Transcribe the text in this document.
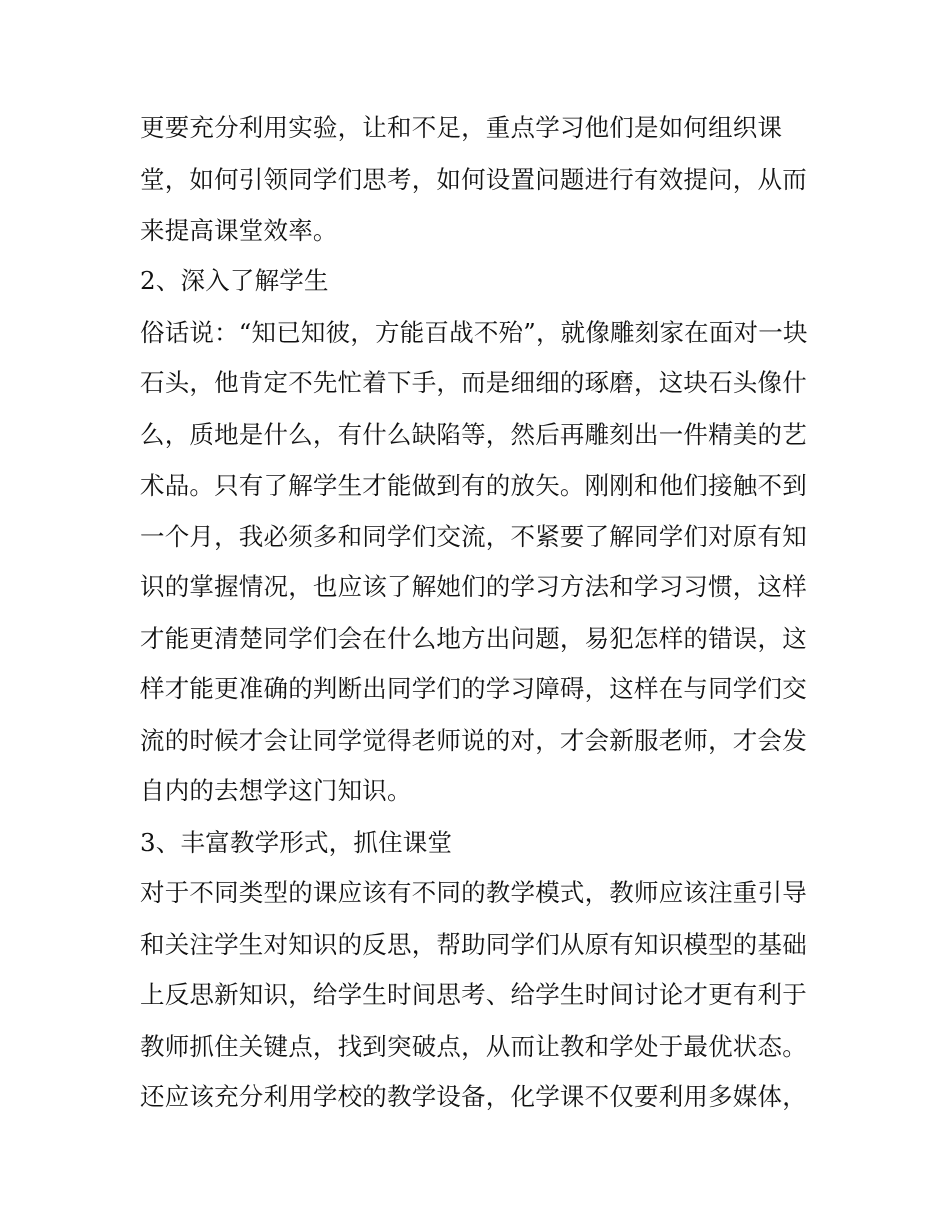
更要充分利用实验，让和不足，重点学习他们是如何组织课
堂，如何引领同学们思考，如何设置问题进行有效提问，从而
来提高课堂效率。
2、深入了解学生
俗话说：“知已知彼，方能百战不殆”，就像雕刻家在面对一块
石头，他肯定不先忙着下手，而是细细的琢磨，这块石头像什
么，质地是什么，有什么缺陷等，然后再雕刻出一件精美的艺
术品。只有了解学生才能做到有的放矢。刚刚和他们接触不到
一个月，我必须多和同学们交流，不紧要了解同学们对原有知
识的掌握情况，也应该了解她们的学习方法和学习习惯，这样
才能更清楚同学们会在什么地方出问题，易犯怎样的错误，这
样才能更准确的判断出同学们的学习障碍，这样在与同学们交
流的时候才会让同学觉得老师说的对，才会新服老师，才会发
自内的去想学这门知识。
3、丰富教学形式，抓住课堂
对于不同类型的课应该有不同的教学模式，教师应该注重引导
和关注学生对知识的反思，帮助同学们从原有知识模型的基础
上反思新知识，给学生时间思考、给学生时间讨论才更有利于
教师抓住关键点，找到突破点，从而让教和学处于最优状态。
还应该充分利用学校的教学设备，化学课不仅要利用多媒体，
